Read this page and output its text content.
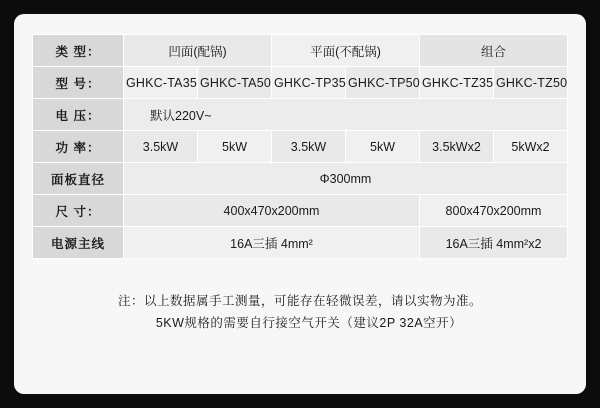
类 型：	凹面(配锅)		平面(不配锅)		组合	
型 号：	GHKC-TA35	GHKC-TA50	GHKC-TP35	GHKC-TP50	GHKC-TZ35	GHKC-TZ50
电 压：	默认220V~					
功 率：	3.5kW	5kW	3.5kW	5kW	3.5kWx2	5kWx2
面板直径	Φ300mm					
尺 寸：	400x470x200mm				800x470x200mm	
电源主线	16A三插 4mm²				16A三插 4mm²x2	
注：以上数据属手工测量，可能存在轻微误差，请以实物为准。
5KW规格的需要自行接空气开关（建议2P 32A空开）
